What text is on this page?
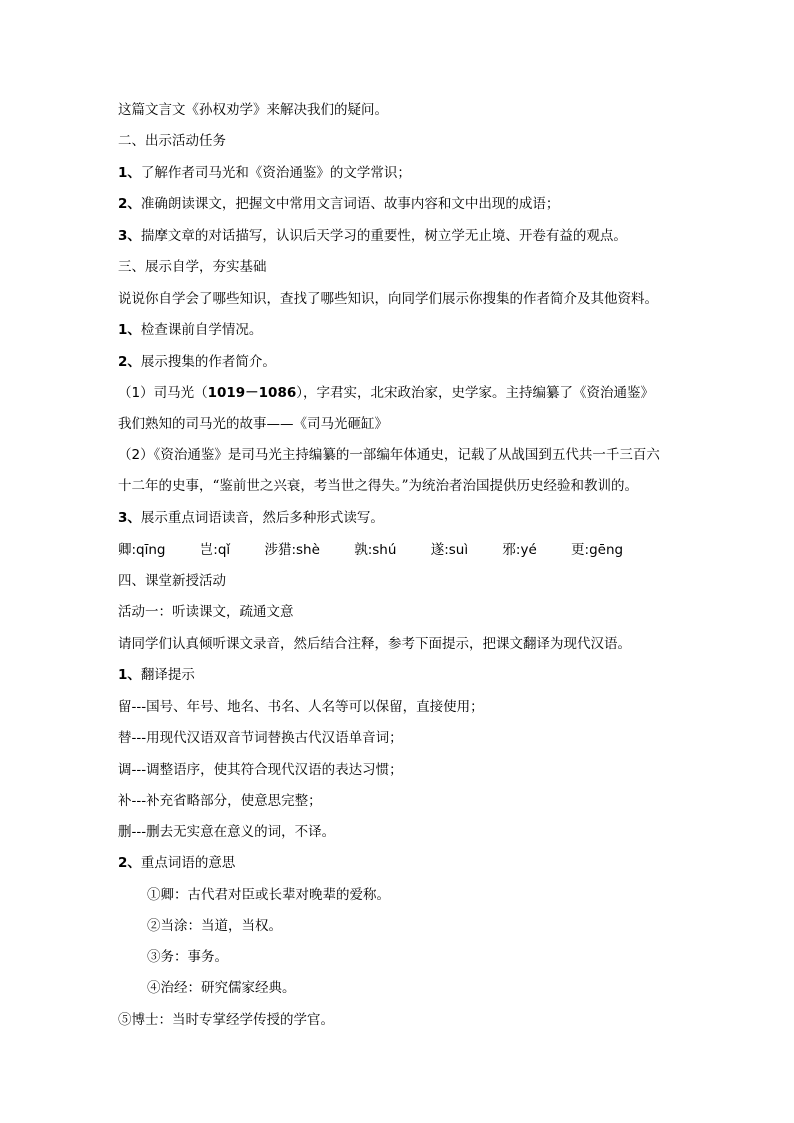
这篇文言文《孙权劝学》来解决我们的疑问。
二、出示活动任务
1、了解作者司马光和《资治通鉴》的文学常识；
2、准确朗读课文，把握文中常用文言词语、故事内容和文中出现的成语；
3、揣摩文章的对话描写，认识后天学习的重要性，树立学无止境、开卷有益的观点。
三、展示自学，夯实基础
说说你自学会了哪些知识，查找了哪些知识，向同学们展示你搜集的作者简介及其他资料。
1、检查课前自学情况。
2、展示搜集的作者简介。
（1）司马光（1019－1086），字君实，北宋政治家，史学家。主持编纂了《资治通鉴》
我们熟知的司马光的故事——《司马光砸缸》
（2）《资治通鉴》是司马光主持编纂的一部编年体通史，记载了从战国到五代共一千三百六
十二年的史事，“鉴前世之兴衰，考当世之得失。”为统治者治国提供历史经验和教训的。
3、展示重点词语读音，然后多种形式读写。
卿:qīng	岂:qǐ	涉猎:shè	孰:shú	遂:suì	邪:yé	更:gēng
四、课堂新授活动
活动一：听读课文，疏通文意
请同学们认真倾听课文录音，然后结合注释，参考下面提示，把课文翻译为现代汉语。
1、翻译提示
留---国号、年号、地名、书名、人名等可以保留，直接使用；
替---用现代汉语双音节词替换古代汉语单音词；
调---调整语序，使其符合现代汉语的表达习惯；
补---补充省略部分，使意思完整；
删---删去无实意在意义的词，不译。
2、重点词语的意思
①卿：古代君对臣或长辈对晚辈的爱称。
②当涂：当道，当权。
③务：事务。
④治经：研究儒家经典。
⑤博士：当时专掌经学传授的学官。
